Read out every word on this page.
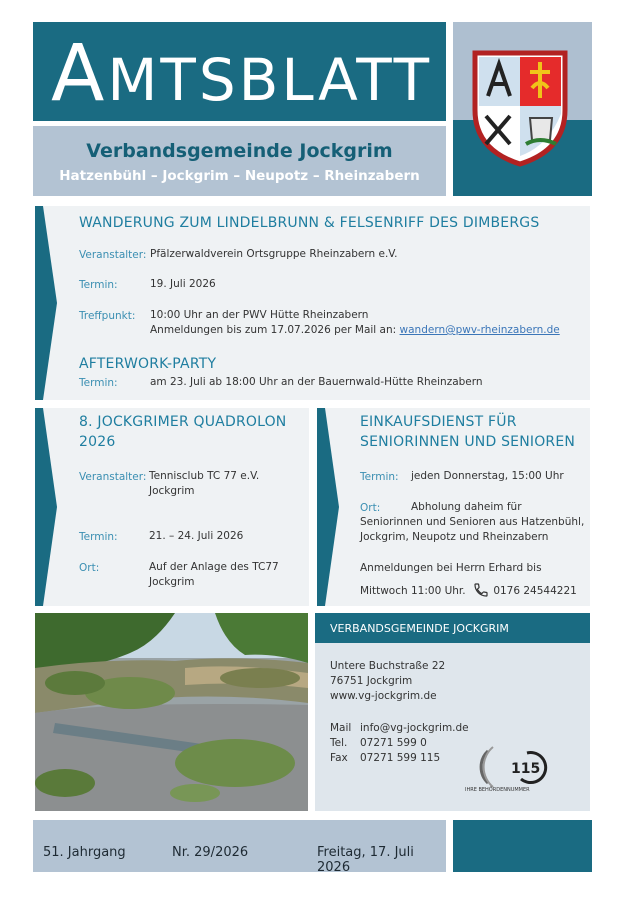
AMTSBLATT
Verbandsgemeinde Jockgrim
Hatzenbühl – Jockgrim – Neupotz – Rheinzabern
WANDERUNG ZUM LINDELBRUNN & FELSENRIFF DES DIMBERGS
Veranstalter: Pfälzerwaldverein Ortsgruppe Rheinzabern e.V.
Termin:	19. Juli 2026
Treffpunkt: 10:00 Uhr an der PWV Hütte Rheinzabern
Anmeldungen bis zum 17.07.2026 per Mail an: wandern@pwv-rheinzabern.de
AFTERWORK-PARTY
Termin:	am 23. Juli ab 18:00 Uhr an der Bauernwald-Hütte Rheinzabern
8. JOCKGRIMER QUADROLON
2026
Veranstalter: Tennisclub TC 77 e.V.
Jockgrim
Termin:	21. – 24. Juli 2026
Ort:	Auf der Anlage des TC77
Jockgrim
EINKAUFSDIENST FÜR
SENIORINNEN UND SENIOREN
Termin: jeden Donnerstag, 15:00 Uhr
Ort:	Abholung daheim für
Seniorinnen und Senioren aus Hatzenbühl,
Jockgrim, Neupotz und Rheinzabern
Anmeldungen bei Herrn Erhard bis
Mittwoch 11:00 Uhr.	0176 24544221
VERBANDSGEMEINDE JOCKGRIM
Untere Buchstraße 22
76751 Jockgrim
www.vg-jockgrim.de
Mail info@vg-jockgrim.de
Tel. 07271 599 0
Fax 07271 599 115
115
IHRE BEHÖRDENNUMMER
51. Jahrgang	Nr. 29/2026	Freitag, 17. Juli 2026
